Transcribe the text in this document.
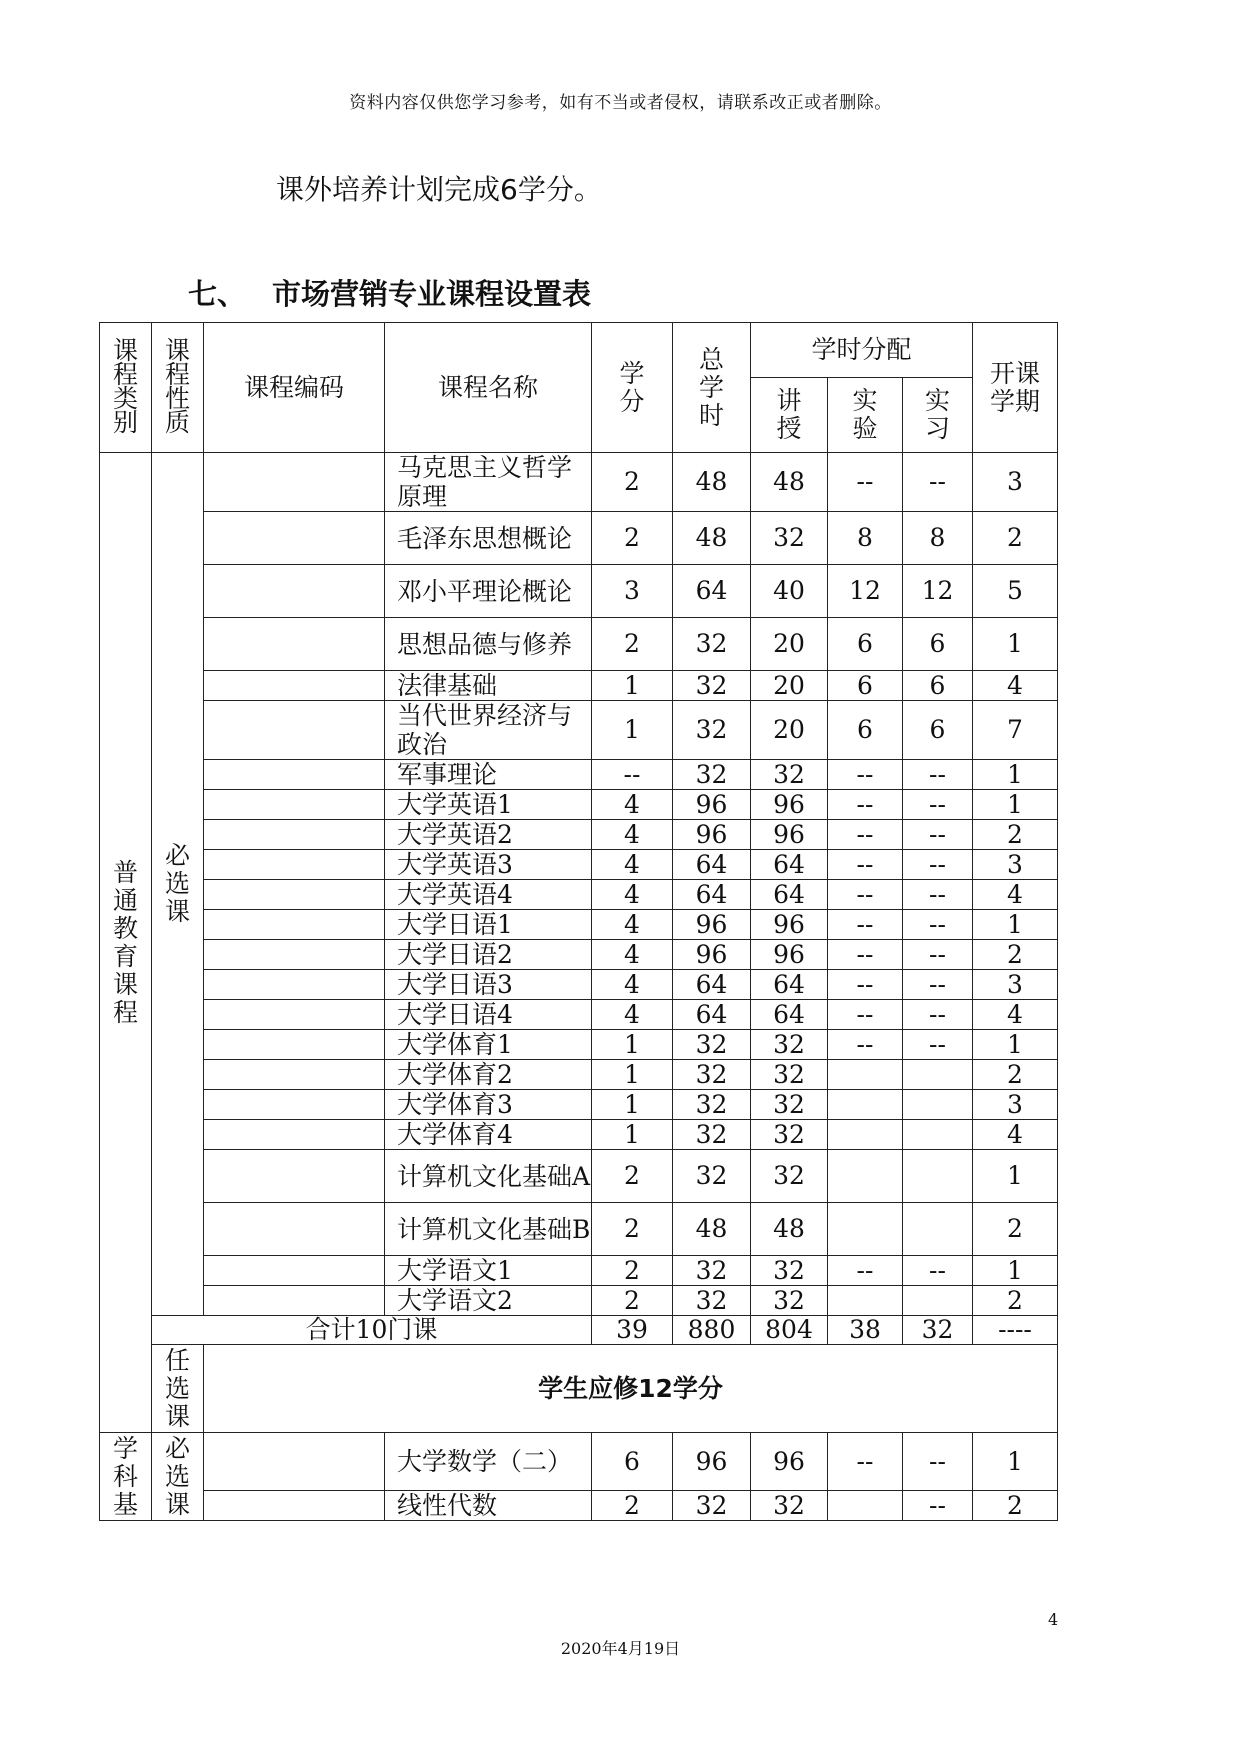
资料内容仅供您学习参考，如有不当或者侵权，请联系改正或者删除。
课外培养计划完成6学分。
七、 市场营销专业课程设置表
课程类别	课程性质	课程编码	课程名称	学分	总学时	学时分配			开课学期
						讲授	实验	实习	
普通教育课程	必选课		马克思主义哲学原理	2	48	48	--	--	3
			毛泽东思想概论	2	48	32	8	8	2
			邓小平理论概论	3	64	40	12	12	5
			思想品德与修养	2	32	20	6	6	1
			法律基础	1	32	20	6	6	4
			当代世界经济与政治	1	32	20	6	6	7
			军事理论	--	32	32	--	--	1
			大学英语1	4	96	96	--	--	1
			大学英语2	4	96	96	--	--	2
			大学英语3	4	64	64	--	--	3
			大学英语4	4	64	64	--	--	4
			大学日语1	4	96	96	--	--	1
			大学日语2	4	96	96	--	--	2
			大学日语3	4	64	64	--	--	3
			大学日语4	4	64	64	--	--	4
			大学体育1	1	32	32	--	--	1
			大学体育2	1	32	32			2
			大学体育3	1	32	32			3
			大学体育4	1	32	32			4
			计算机文化基础A	2	32	32			1
			计算机文化基础B	2	48	48			2
			大学语文1	2	32	32	--	--	1
			大学语文2	2	32	32			2
	合计10门课			39	880	804	38	32	----
	任选课	学生应修12学分							
学科基	必选课		大学数学（二）	6	96	96	--	--	1
			线性代数	2	32	32		--	2
4
2020年4月19日
